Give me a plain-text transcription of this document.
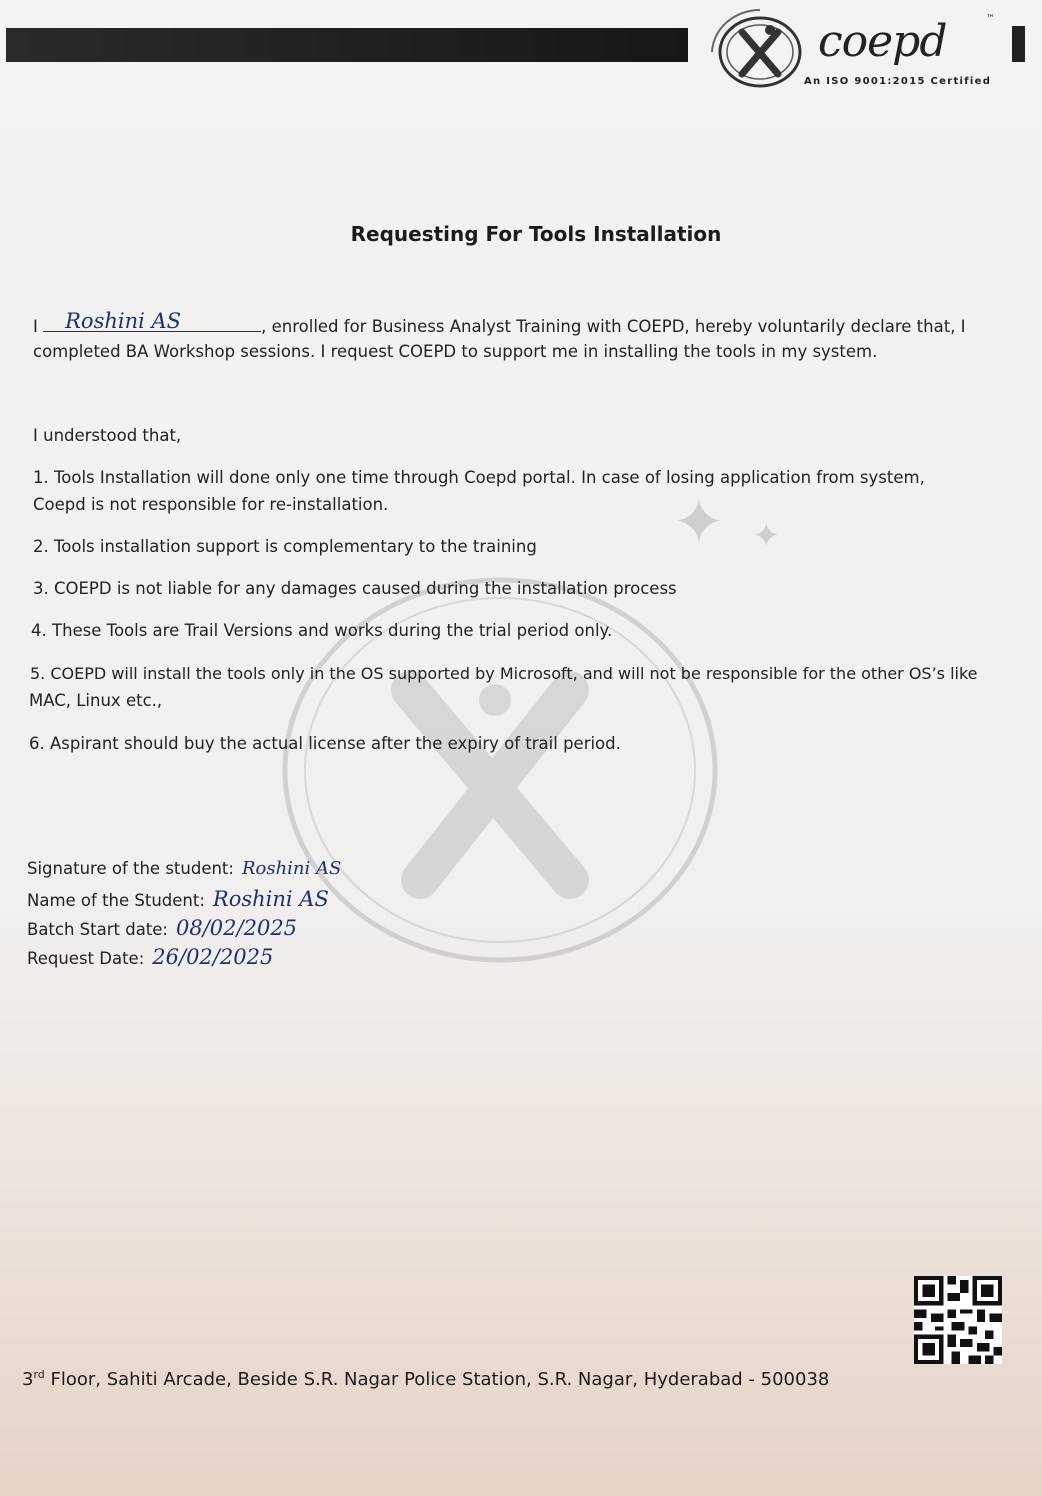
coepd	™
An ISO 9001:2015 Certified
✦ ✦
Requesting For Tools Installation
I Roshini AS	, enrolled for Business Analyst Training with COEPD, hereby voluntarily declare that, I
completed BA Workshop sessions. I request COEPD to support me in installing the tools in my system.
I understood that,
1. Tools Installation will done only one time through Coepd portal. In case of losing application from system,
Coepd is not responsible for re-installation.
2. Tools installation support is complementary to the training
3. COEPD is not liable for any damages caused during the installation process
4. These Tools are Trail Versions and works during the trial period only.
5. COEPD will install the tools only in the OS supported by Microsoft, and will not be responsible for the other OS’s like
MAC, Linux etc.,
6. Aspirant should buy the actual license after the expiry of trail period.
Signature of the student: Roshini AS
Name of the Student: Roshini AS
Batch Start date: 08/02/2025
Request Date: 26/02/2025
3rd Floor, Sahiti Arcade, Beside S.R. Nagar Police Station, S.R. Nagar, Hyderabad - 500038
